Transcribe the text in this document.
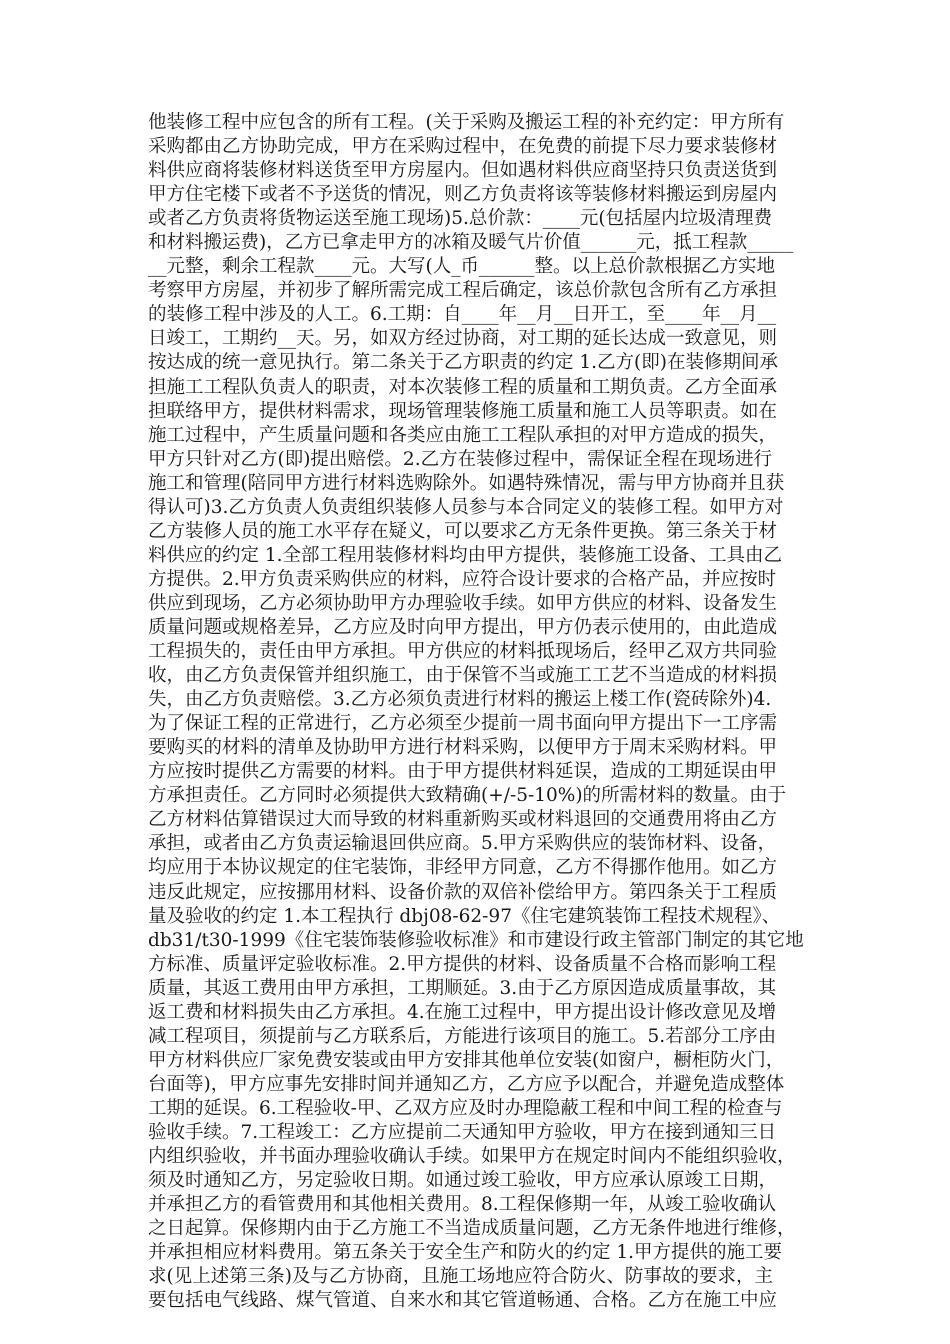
他装修工程中应包含的所有工程。(关于采购及搬运工程的补充约定：甲方所有
采购都由乙方协助完成，甲方在采购过程中，在免费的前提下尽力要求装修材
料供应商将装修材料送货至甲方房屋内。但如遇材料供应商坚持只负责送货到
甲方住宅楼下或者不予送货的情况，则乙方负责将该等装修材料搬运到房屋内
或者乙方负责将货物运送至施工现场)5.总价款：____元(包括屋内垃圾清理费
和材料搬运费)，乙方已拿走甲方的冰箱及暖气片价值______元，抵工程款_____
__元整，剩余工程款____元。大写(人_币______整。以上总价款根据乙方实地
考察甲方房屋，并初步了解所需完成工程后确定，该总价款包含所有乙方承担
的装修工程中涉及的人工。6.工期：自____年__月__日开工，至____年__月__
日竣工，工期约__天。另，如双方经过协商，对工期的延长达成一致意见，则
按达成的统一意见执行。第二条关于乙方职责的约定 1.乙方(即)在装修期间承
担施工工程队负责人的职责，对本次装修工程的质量和工期负责。乙方全面承
担联络甲方，提供材料需求，现场管理装修施工质量和施工人员等职责。如在
施工过程中，产生质量问题和各类应由施工工程队承担的对甲方造成的损失，
甲方只针对乙方(即)提出赔偿。2.乙方在装修过程中，需保证全程在现场进行
施工和管理(陪同甲方进行材料选购除外。如遇特殊情况，需与甲方协商并且获
得认可)3.乙方负责人负责组织装修人员参与本合同定义的装修工程。如甲方对
乙方装修人员的施工水平存在疑义，可以要求乙方无条件更换。第三条关于材
料供应的约定 1.全部工程用装修材料均由甲方提供，装修施工设备、工具由乙
方提供。2.甲方负责采购供应的材料，应符合设计要求的合格产品，并应按时
供应到现场，乙方必须协助甲方办理验收手续。如甲方供应的材料、设备发生
质量问题或规格差异，乙方应及时向甲方提出，甲方仍表示使用的，由此造成
工程损失的，责任由甲方承担。甲方供应的材料抵现场后，经甲乙双方共同验
收，由乙方负责保管并组织施工，由于保管不当或施工工艺不当造成的材料损
失，由乙方负责赔偿。3.乙方必须负责进行材料的搬运上楼工作(瓷砖除外)4.
为了保证工程的正常进行，乙方必须至少提前一周书面向甲方提出下一工序需
要购买的材料的清单及协助甲方进行材料采购，以便甲方于周末采购材料。甲
方应按时提供乙方需要的材料。由于甲方提供材料延误，造成的工期延误由甲
方承担责任。乙方同时必须提供大致精确(+/-5-10%)的所需材料的数量。由于
乙方材料估算错误过大而导致的材料重新购买或材料退回的交通费用将由乙方
承担，或者由乙方负责运输退回供应商。5.甲方采购供应的装饰材料、设备，
均应用于本协议规定的住宅装饰，非经甲方同意，乙方不得挪作他用。如乙方
违反此规定，应按挪用材料、设备价款的双倍补偿给甲方。第四条关于工程质
量及验收的约定 1.本工程执行 dbj08-62-97《住宅建筑装饰工程技术规程》、
db31/t30-1999《住宅装饰装修验收标准》和市建设行政主管部门制定的其它地
方标准、质量评定验收标准。2.甲方提供的材料、设备质量不合格而影响工程
质量，其返工费用由甲方承担，工期顺延。3.由于乙方原因造成质量事故，其
返工费和材料损失由乙方承担。4.在施工过程中，甲方提出设计修改意见及增
减工程项目，须提前与乙方联系后，方能进行该项目的施工。5.若部分工序由
甲方材料供应厂家免费安装或由甲方安排其他单位安装(如窗户，橱柜防火门，
台面等)，甲方应事先安排时间并通知乙方，乙方应予以配合，并避免造成整体
工期的延误。6.工程验收-甲、乙双方应及时办理隐蔽工程和中间工程的检查与
验收手续。7.工程竣工：乙方应提前二天通知甲方验收，甲方在接到通知三日
内组织验收，并书面办理验收确认手续。如果甲方在规定时间内不能组织验收，
须及时通知乙方，另定验收日期。如通过竣工验收，甲方应承认原竣工日期，
并承担乙方的看管费用和其他相关费用。8.工程保修期一年，从竣工验收确认
之日起算。保修期内由于乙方施工不当造成质量问题，乙方无条件地进行维修，
并承担相应材料费用。第五条关于安全生产和防火的约定 1.甲方提供的施工要
求(见上述第三条)及与乙方协商，且施工场地应符合防火、防事故的要求，主
要包括电气线路、煤气管道、自来水和其它管道畅通、合格。乙方在施工中应
